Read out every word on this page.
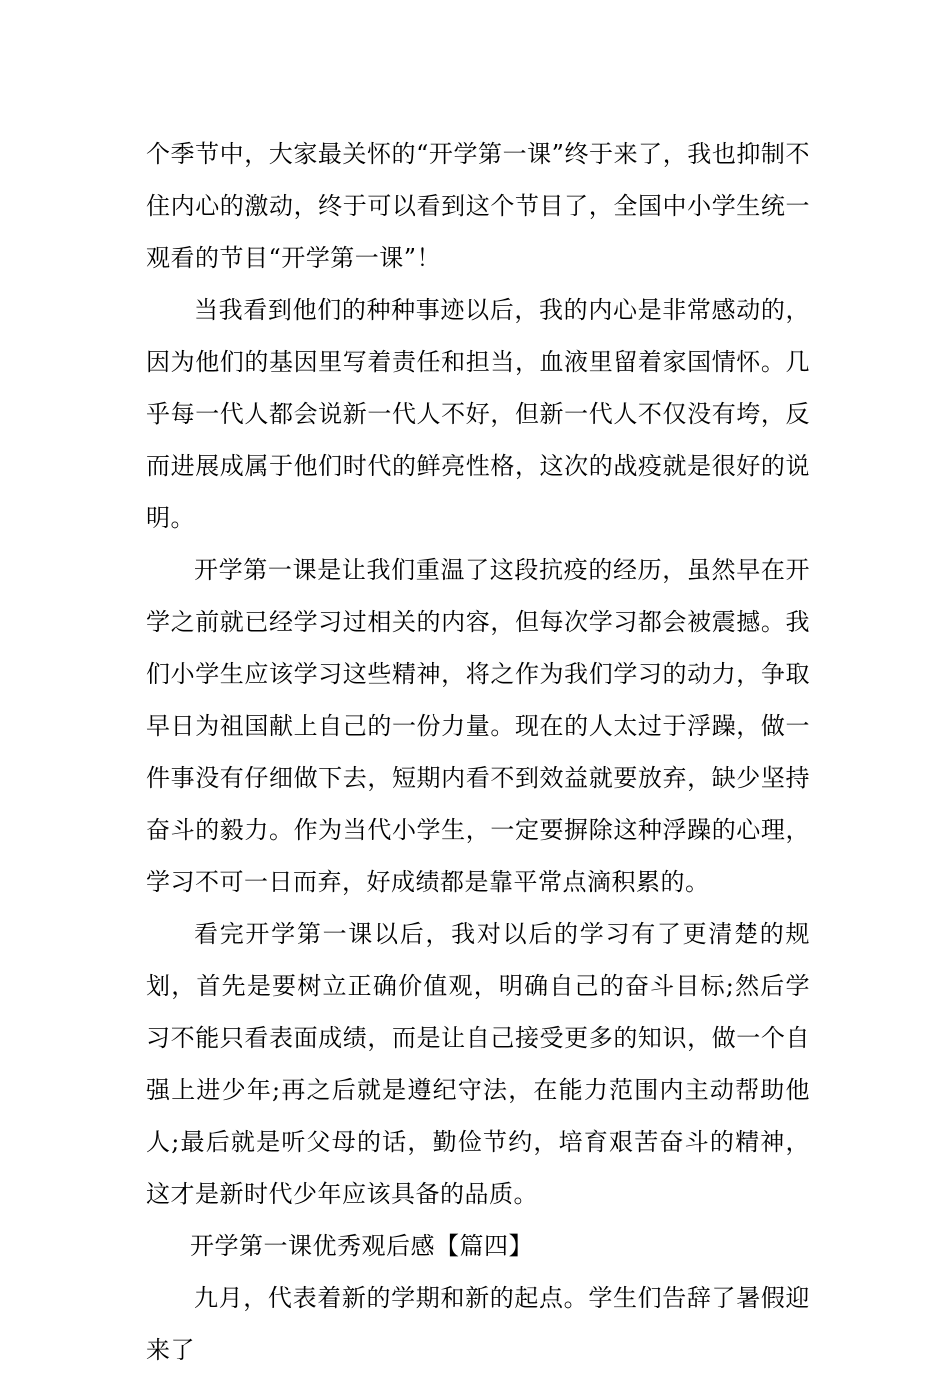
个季节中，大家最关怀的“开学第一课”终于来了，我也抑制不住内心的激动，终于可以看到这个节目了，全国中小学生统一观看的节目“开学第一课”！

当我看到他们的种种事迹以后，我的内心是非常感动的，因为他们的基因里写着责任和担当，血液里留着家国情怀。几乎每一代人都会说新一代人不好，但新一代人不仅没有垮，反而进展成属于他们时代的鲜亮性格，这次的战疫就是很好的说明。

开学第一课是让我们重温了这段抗疫的经历，虽然早在开学之前就已经学习过相关的内容，但每次学习都会被震撼。我们小学生应该学习这些精神，将之作为我们学习的动力，争取早日为祖国献上自己的一份力量。现在的人太过于浮躁，做一件事没有仔细做下去，短期内看不到效益就要放弃，缺少坚持奋斗的毅力。作为当代小学生，一定要摒除这种浮躁的心理，学习不可一日而弃，好成绩都是靠平常点滴积累的。

看完开学第一课以后，我对以后的学习有了更清楚的规划，首先是要树立正确价值观，明确自己的奋斗目标;然后学习不能只看表面成绩，而是让自己接受更多的知识，做一个自强上进少年;再之后就是遵纪守法，在能力范围内主动帮助他人;最后就是听父母的话，勤俭节约，培育艰苦奋斗的精神，这才是新时代少年应该具备的品质。

开学第一课优秀观后感【篇四】

九月，代表着新的学期和新的起点。学生们告辞了暑假迎来了
